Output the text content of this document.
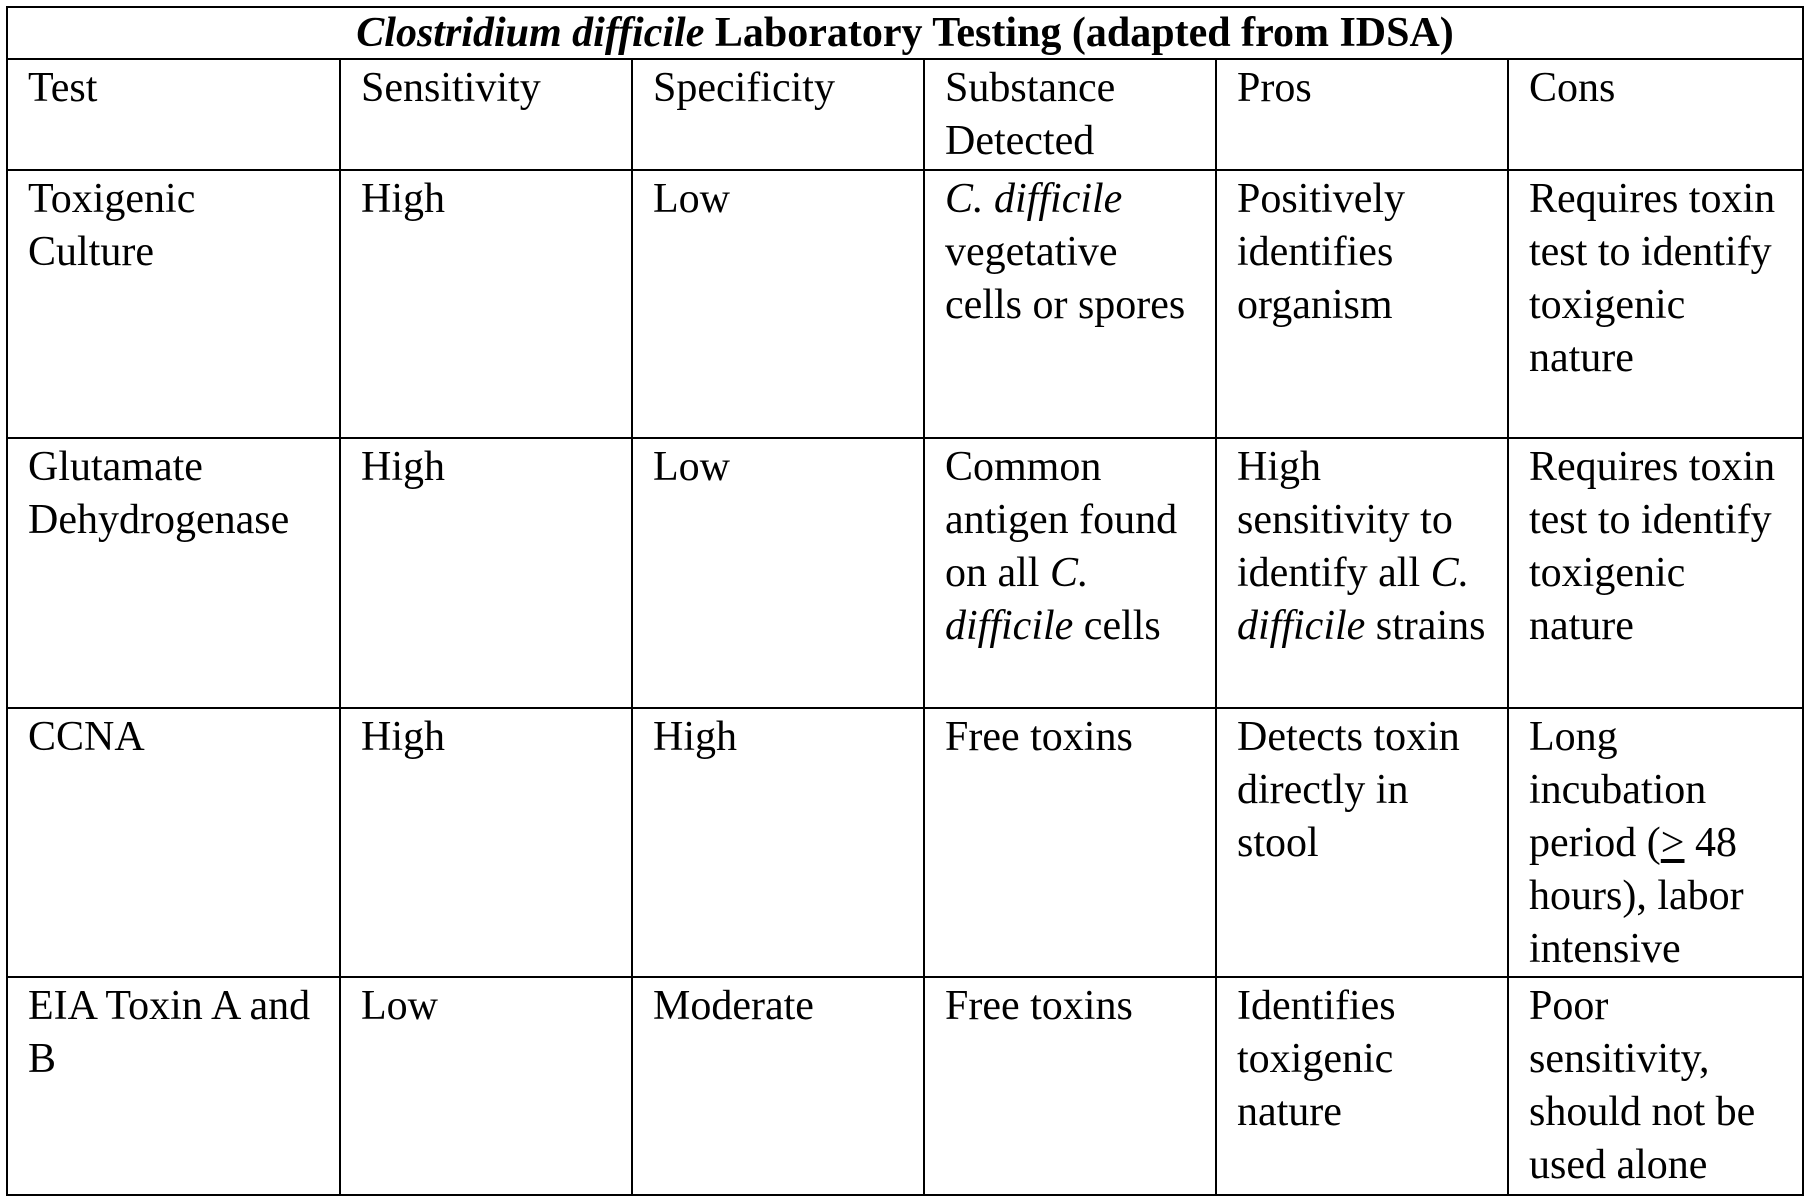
Clostridium difficile Laboratory Testing (adapted from IDSA)					
Test	Sensitivity	Specificity	Substance Detected	Pros	Cons
Toxigenic Culture	High	Low	C. difficile vegetative cells or spores	Positively identifies organism	Requires toxin test to identify toxigenic nature
Glutamate Dehydrogenase	High	Low	Common antigen found on all C. difficile cells	High sensitivity to identify all C. difficile strains	Requires toxin test to identify toxigenic nature
CCNA	High	High	Free toxins	Detects toxin directly in stool	Long incubation period (> 48 hours), labor intensive
EIA Toxin A and B	Low	Moderate	Free toxins	Identifies toxigenic nature	Poor sensitivity, should not be used alone
